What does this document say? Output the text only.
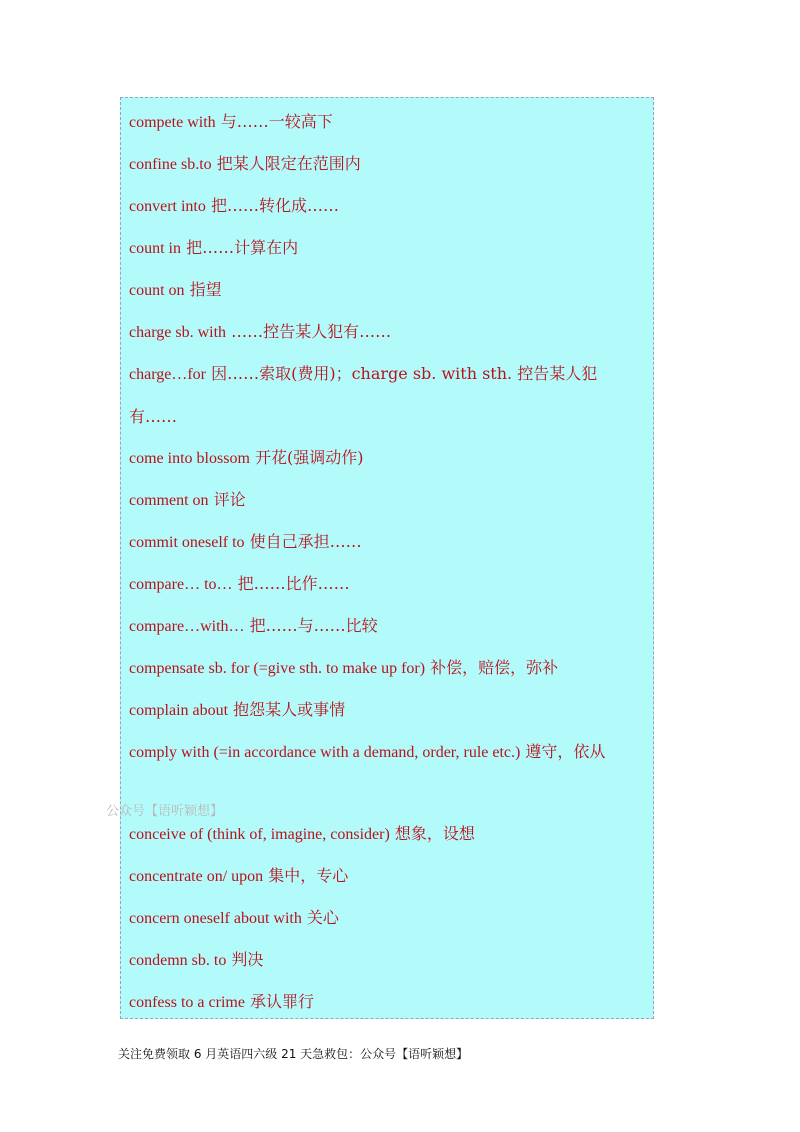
compete with 与……一较高下
confine sb.to 把某人限定在范围内
convert into 把……转化成……
count in 把……计算在内
count on 指望
charge sb. with ……控告某人犯有……
charge…for 因……索取(费用)；charge sb. with sth. 控告某人犯有……
come into blossom 开花(强调动作)
comment on 评论
commit oneself to 使自己承担……
compare… to… 把……比作……
compare…with… 把……与……比较
compensate sb. for (=give sth. to make up for) 补偿，赔偿，弥补
complain about 抱怨某人或事情
comply with (=in accordance with a demand, order, rule etc.) 遵守，依从
conceive of (think of, imagine, consider) 想象，设想
concentrate on/ upon 集中，专心
concern oneself about with 关心
condemn sb. to 判决
confess to a crime 承认罪行
公众号【语听颖想】
关注免费领取 6 月英语四六级 21 天急救包：公众号【语听颖想】
